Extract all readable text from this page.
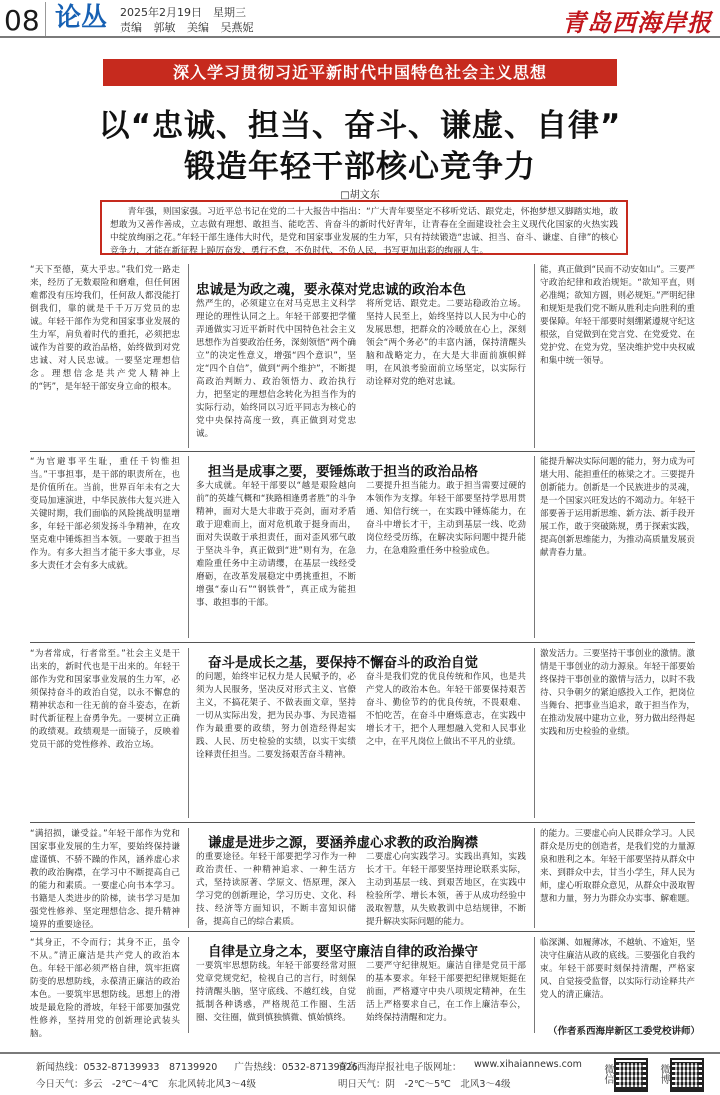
08 论丛 2025年2月19日　星期三
责编 郭敏 美编 吴燕妮	青岛西海岸报
深入学习贯彻习近平新时代中国特色社会主义思想
以“忠诚、担当、奋斗、谦虚、自律”
锻造年轻干部核心竞争力
□胡文东
青年强，则国家强。习近平总书记在党的二十大报告中指出：“广大青年要坚定不移听党话、跟党走，怀抱梦想又脚踏实地，敢想敢为又善作善成，立志做有理想、敢担当、能吃苦、肯奋斗的新时代好青年，让青春在全面建设社会主义现代化国家的火热实践中绽放绚丽之花。”年轻干部生逢伟大时代，是党和国家事业发展的生力军，只有持续锻造“忠诚、担当、奋斗、谦虚、自律”的核心竞争力，才能在新征程上踔厉奋发、勇行不怠，不负时代、不负人民，书写更加出彩的绚丽人生。
“天下至德，莫大乎忠。”我们党一路走来，经历了无数艰险和磨难，但任何困难都没有压垮我们，任何敌人都没能打倒我们，靠的就是千千万万党员的忠诚。年轻干部作为党和国家事业发展的生力军，肩负着时代的重托，必须把忠诚作为首要的政治品格，始终做到对党忠诚、对人民忠诚。一要坚定理想信念。理想信念是共产党人精神上的“钙”，是年轻干部安身立命的根本。
忠诚是为政之魂，要永葆对党忠诚的政治本色
然严生的，必须建立在对马克思主义科学理论的理性认同之上。年轻干部要把学懂弄通做实习近平新时代中国特色社会主义思想作为首要政治任务，深刻领悟“两个确立”的决定性意义，增强“四个意识”，坚定“四个自信”，做到“两个维护”，不断提高政治判断力、政治领悟力、政治执行力，把坚定的理想信念转化为担当作为的实际行动，始终同以习近平同志为核心的党中央保持高度一致，真正做到对党忠诚。
将所党话、跟党走。二要站稳政治立场。坚持人民至上，始终坚持以人民为中心的发展思想，把群众的冷暖放在心上，深刻领会“两个务必”的丰富内涵，保持清醒头脑和战略定力，在大是大非面前旗帜鲜明，在风浪考验面前立场坚定，以实际行动诠释对党的绝对忠诚。
能，真正做到“民而不动安如山”。三要严守政治纪律和政治规矩。“欲知平直，则必准绳；欲知方圆，则必规矩。”严明纪律和规矩是我们党不断从胜利走向胜利的重要保障。年轻干部要时刻绷紧遵规守纪这根弦，自觉做到在党言党、在党爱党、在党护党、在党为党，坚决维护党中央权威和集中统一领导。
“为官避事平生耻，重任千钧惟担当。”干事担事，是干部的职责所在，也是价值所在。当前，世界百年未有之大变局加速演进，中华民族伟大复兴进入关键时期，我们面临的风险挑战明显增多，年轻干部必须发扬斗争精神，在攻坚克难中锤炼担当本领。一要敢于担当作为。有多大担当才能干多大事业，尽多大责任才会有多大成就。
担当是成事之要，要锤炼敢于担当的政治品格
多大成就。年轻干部要以“越是艰险越向前”的英雄气概和“狭路相逢勇者胜”的斗争精神，面对大是大非敢于亮剑，面对矛盾敢于迎难而上，面对危机敢于挺身而出，面对失误敢于承担责任，面对歪风邪气敢于坚决斗争，真正做到“进”则有为，在急难险重任务中主动请缨，在基层一线经受磨砺，在改革发展稳定中勇挑重担，不断增强“泰山石”“钢铁骨”，真正成为能担事、敢担事的干部。
二要提升担当能力。敢于担当需要过硬的本领作为支撑。年轻干部要坚持学思用贯通、知信行统一，在实践中锤炼能力，在奋斗中增长才干，主动到基层一线、吃劲岗位经受历练，在解决实际问题中提升能力，在急难险重任务中检验成色。
能提升解决实际问题的能力，努力成为可堪大用、能担重任的栋梁之才。三要提升创新能力。创新是一个民族进步的灵魂，是一个国家兴旺发达的不竭动力。年轻干部要善于运用新思维、新方法、新手段开展工作，敢于突破陈规，勇于探索实践，提高创新思维能力，为推动高质量发展贡献青春力量。
“为者常成，行者常至。”社会主义是干出来的，新时代也是干出来的。年轻干部作为党和国家事业发展的生力军，必须保持奋斗的政治自觉，以永不懈怠的精神状态和一往无前的奋斗姿态，在新时代新征程上奋勇争先。一要树立正确的政绩观。政绩观是一面镜子，反映着党员干部的党性修养、政治立场。
奋斗是成长之基，要保持不懈奋斗的政治自觉
的问题，始终牢记权力是人民赋予的，必须为人民服务，坚决反对形式主义、官僚主义，不搞花架子、不做表面文章，坚持一切从实际出发，把为民办事、为民造福作为最重要的政绩，努力创造经得起实践、人民、历史检验的实绩，以实干实绩诠释责任担当。二要发扬艰苦奋斗精神。
奋斗是我们党的优良传统和作风，也是共产党人的政治本色。年轻干部要保持艰苦奋斗、勤俭节约的优良传统，不畏艰难、不怕吃苦，在奋斗中磨炼意志，在实践中增长才干，把个人理想融入党和人民事业之中，在平凡岗位上做出不平凡的业绩。
激发活力。三要坚持干事创业的激情。激情是干事创业的动力源泉。年轻干部要始终保持干事创业的激情与活力，以时不我待、只争朝夕的紧迫感投入工作，把岗位当舞台、把事业当追求，敢于担当作为，在推动发展中建功立业，努力做出经得起实践和历史检验的业绩。
“满招损，谦受益。”年轻干部作为党和国家事业发展的生力军，要始终保持谦虚谨慎、不骄不躁的作风，涵养虚心求教的政治胸襟，在学习中不断提高自己的能力和素质。一要虚心向书本学习。书籍是人类进步的阶梯，读书学习是加强党性修养、坚定理想信念、提升精神境界的重要途径。
谦虚是进步之源，要涵养虚心求教的政治胸襟
的重要途径。年轻干部要把学习作为一种政治责任、一种精神追求、一种生活方式，坚持读原著、学原文、悟原理，深入学习党的创新理论，学习历史、文化、科技、经济等方面知识，不断丰富知识储备，提高自己的综合素质。
二要虚心向实践学习。实践出真知，实践长才干。年轻干部要坚持理论联系实际，主动到基层一线、到艰苦地区，在实践中检验所学、增长本领，善于从成功经验中汲取智慧，从失败教训中总结规律，不断提升解决实际问题的能力。
的能力。三要虚心向人民群众学习。人民群众是历史的创造者，是我们党的力量源泉和胜利之本。年轻干部要坚持从群众中来、到群众中去，甘当小学生，拜人民为师，虚心听取群众意见，从群众中汲取智慧和力量，努力为群众办实事、解难题。
“其身正，不令而行；其身不正，虽令不从。”清正廉洁是共产党人的政治本色。年轻干部必须严格自律，筑牢拒腐防变的思想防线，永葆清正廉洁的政治本色。一要筑牢思想防线。思想上的滑坡是最危险的滑坡，年轻干部要加强党性修养，坚持用党的创新理论武装头脑。
自律是立身之本，要坚守廉洁自律的政治操守
一要筑牢思想防线。年轻干部要经常对照党章党规党纪，检视自己的言行，时刻保持清醒头脑，坚守底线、不越红线，自觉抵制各种诱惑，严格规范工作圈、生活圈、交往圈，做到慎独慎微、慎始慎终。
二要严守纪律规矩。廉洁自律是党员干部的基本要求。年轻干部要把纪律规矩挺在前面，严格遵守中央八项规定精神，在生活上严格要求自己，在工作上廉洁奉公，始终保持清醒和定力。
临深渊、如履薄冰，不越轨、不逾矩，坚决守住廉洁从政的底线。三要强化自我约束。年轻干部要时刻保持清醒，严格家风、自觉接受监督，以实际行动诠释共产党人的清正廉洁。
（作者系西海岸新区工委党校讲师）
新闻热线：0532-87139933　87139920 广告热线：0532-87139926
青岛西海岸报社电子版网址： www.xihaiannews.com
今日天气：多云　-2℃～4℃　东北风转北风3～4级	明日天气：阴　-2℃～5℃　北风3～4级
微信	微博
